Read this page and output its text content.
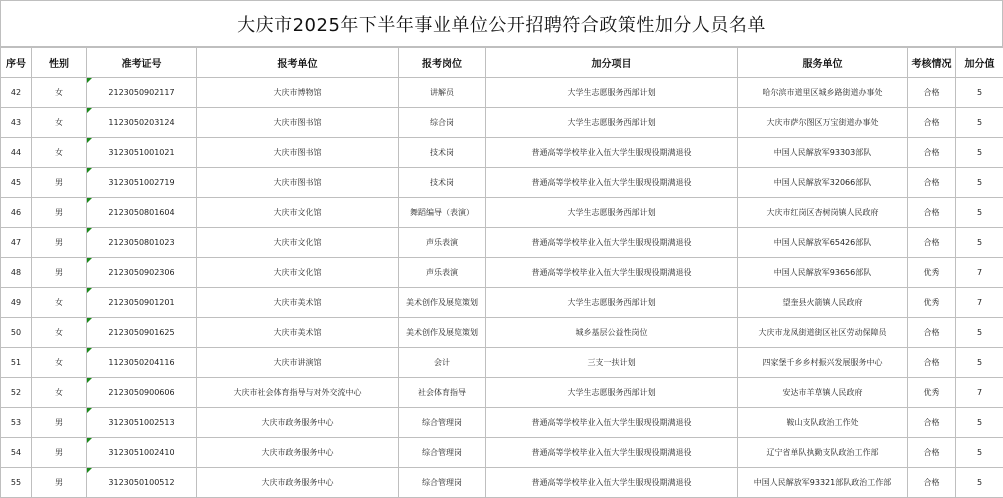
大庆市2025年下半年事业单位公开招聘符合政策性加分人员名单
序号	性别	准考证号	报考单位	报考岗位	加分项目	服务单位	考核情况	加分值
42	女	2123050902117	大庆市博物馆	讲解员	大学生志愿服务西部计划	哈尔滨市道里区城乡路街道办事处	合格	5
43	女	1123050203124	大庆市图书馆	综合岗	大学生志愿服务西部计划	大庆市萨尔图区万宝街道办事处	合格	5
44	女	3123051001021	大庆市图书馆	技术岗	普通高等学校毕业入伍大学生服现役期满退役	中国人民解放军93303部队	合格	5
45	男	3123051002719	大庆市图书馆	技术岗	普通高等学校毕业入伍大学生服现役期满退役	中国人民解放军32066部队	合格	5
46	男	2123050801604	大庆市文化馆	舞蹈编导（表演）	大学生志愿服务西部计划	大庆市红岗区杏树岗镇人民政府	合格	5
47	男	2123050801023	大庆市文化馆	声乐表演	普通高等学校毕业入伍大学生服现役期满退役	中国人民解放军65426部队	合格	5
48	男	2123050902306	大庆市文化馆	声乐表演	普通高等学校毕业入伍大学生服现役期满退役	中国人民解放军93656部队	优秀	7
49	女	2123050901201	大庆市美术馆	美术创作及展览策划	大学生志愿服务西部计划	望奎县火箭镇人民政府	优秀	7
50	女	2123050901625	大庆市美术馆	美术创作及展览策划	城乡基层公益性岗位	大庆市龙凤街道街区社区劳动保障员	合格	5
51	女	1123050204116	大庆市讲演馆	会计	三支一扶计划	四家堡千乡乡村振兴发展服务中心	合格	5
52	女	2123050900606	大庆市社会体育指导与对外交流中心	社会体育指导	大学生志愿服务西部计划	安达市羊草镇人民政府	优秀	7
53	男	3123051002513	大庆市政务服务中心	综合管理岗	普通高等学校毕业入伍大学生服现役期满退役	鞍山支队政治工作处	合格	5
54	男	3123051002410	大庆市政务服务中心	综合管理岗	普通高等学校毕业入伍大学生服现役期满退役	辽宁省单队执勤支队政治工作部	合格	5
55	男	3123050100512	大庆市政务服务中心	综合管理岗	普通高等学校毕业入伍大学生服现役期满退役	中国人民解放军93321部队政治工作部	合格	5
